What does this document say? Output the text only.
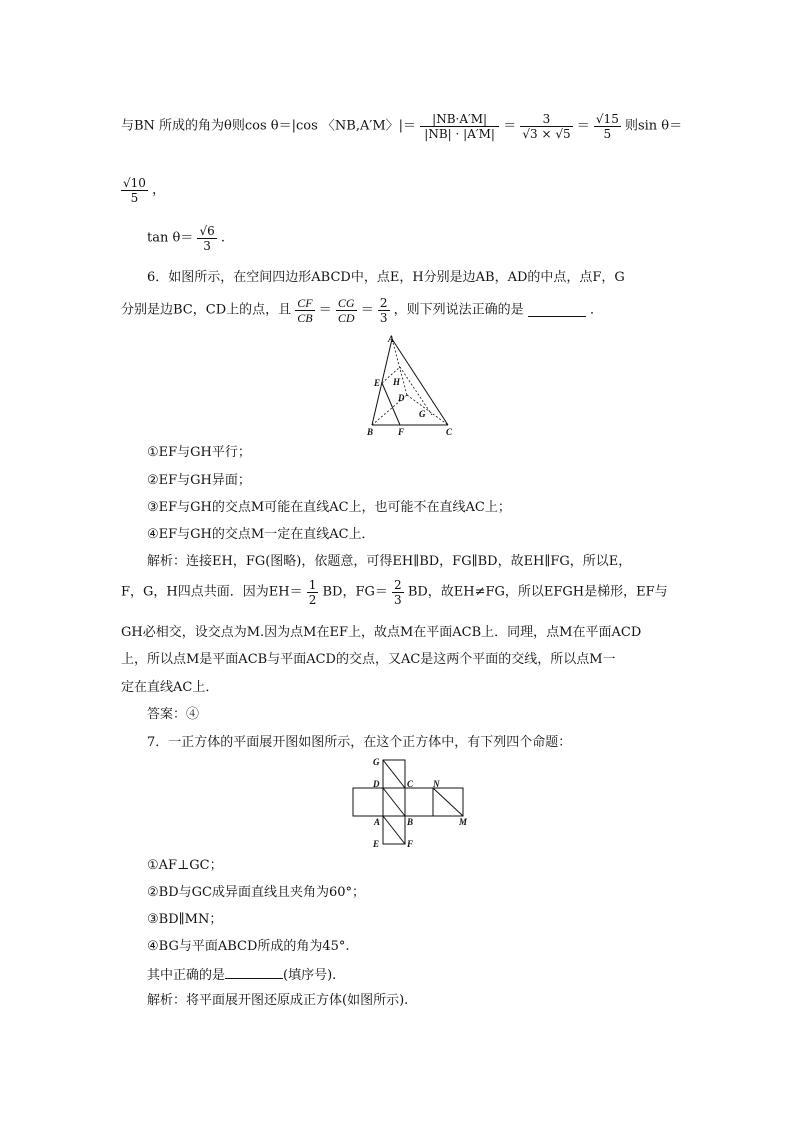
与BN 所成的角为θ则cos θ＝|cos 〈NB,A′M〉|＝ $\frac{|NB\cdot A'M|}{|NB| \cdot |A'M|} = \frac{3}{√3 \times √5} = \frac{√15}{5}$ 则sin θ＝
$\frac{√10}{5}$ ，
$\tan \theta= \frac{√6}{3}$ .
6．如图所示，在空间四边形ABCD中，点E，H分别是边AB，AD的中点，点F，G
分别是边BC，CD上的点，且 $\frac{CF}{CB} = \frac{CG}{CD} = \frac{2}{3}$ ，则下列说法正确的是	．
A
E H
D
G
B	F	C
①EF与GH平行；
②EF与GH异面；
③EF与GH的交点M可能在直线AC上，也可能不在直线AC上；
④EF与GH的交点M一定在直线AC上．
解析：连接EH，FG(图略)，依题意，可得EH∥BD，FG∥BD，故EH∥FG，所以E，
F，G，H四点共面．因为$EH= \frac{1}{2}$ BD，$FG= \frac{2}{3}$ BD，故EH≠FG，所以EFGH是梯形，EF与
GH必相交，设交点为M.因为点M在EF上，故点M在平面ACB上．同理，点M在平面ACD
上，所以点M是平面ACB与平面ACD的交点，又AC是这两个平面的交线，所以点M一
定在直线AC上．
答案：④
7．一正方体的平面展开图如图所示，在这个正方体中，有下列四个命题：
G
D	C N
A	B	M
E	F
①AF⊥GC；
②BD与GC成异面直线且夹角为60°；
③BD∥MN；
④BG与平面ABCD所成的角为45°.
其中正确的是	(填序号).
解析：将平面展开图还原成正方体(如图所示).
